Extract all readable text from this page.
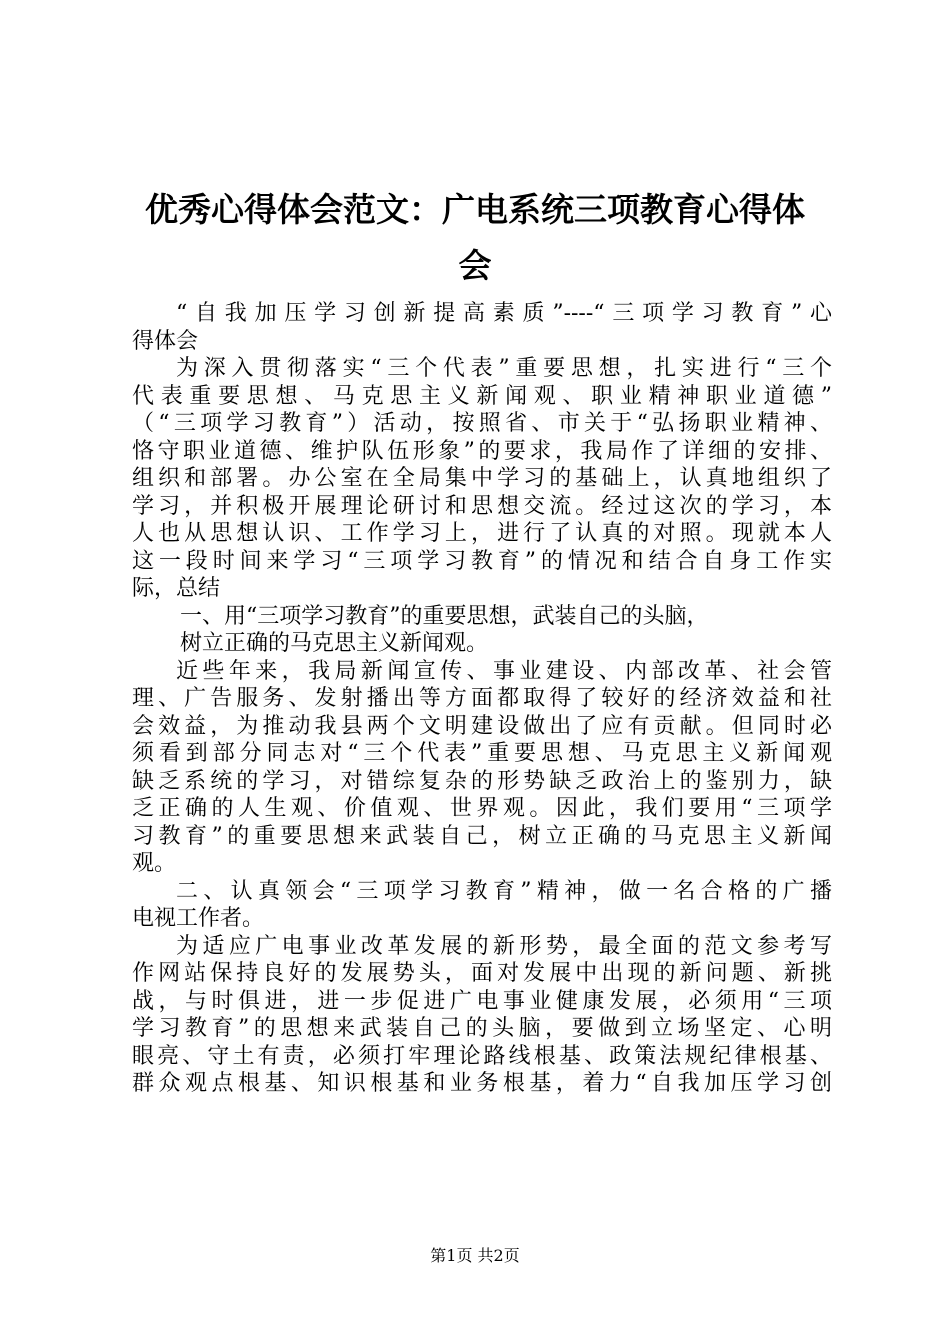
优秀心得体会范文：广电系统三项教育心得体
会
“自我加压学习创新提高素质”----“三项学习教育”心
得体会
为深入贯彻落实“三个代表”重要思想，扎实进行“三个
代表重要思想、马克思主义新闻观、职业精神职业道德”
（“三项学习教育”）活动，按照省、市关于“弘扬职业精神、
恪守职业道德、维护队伍形象”的要求，我局作了详细的安排、
组织和部署。办公室在全局集中学习的基础上，认真地组织了
学习，并积极开展理论研讨和思想交流。经过这次的学习，本
人也从思想认识、工作学习上，进行了认真的对照。现就本人
这一段时间来学习“三项学习教育”的情况和结合自身工作实
际，总结
一、用“三项学习教育”的重要思想，武装自己的头脑，
树立正确的马克思主义新闻观。
近些年来，我局新闻宣传、事业建设、内部改革、社会管
理、广告服务、发射播出等方面都取得了较好的经济效益和社
会效益，为推动我县两个文明建设做出了应有贡献。但同时必
须看到部分同志对“三个代表”重要思想、马克思主义新闻观
缺乏系统的学习，对错综复杂的形势缺乏政治上的鉴别力，缺
乏正确的人生观、价值观、世界观。因此，我们要用“三项学
习教育”的重要思想来武装自己，树立正确的马克思主义新闻
观。
二、认真领会“三项学习教育”精神，做一名合格的广播
电视工作者。
为适应广电事业改革发展的新形势，最全面的范文参考写
作网站保持良好的发展势头，面对发展中出现的新问题、新挑
战，与时俱进，进一步促进广电事业健康发展，必须用“三项
学习教育”的思想来武装自己的头脑，要做到立场坚定、心明
眼亮、守土有责，必须打牢理论路线根基、政策法规纪律根基、
群众观点根基、知识根基和业务根基，着力“自我加压学习创
第1页 共2页
